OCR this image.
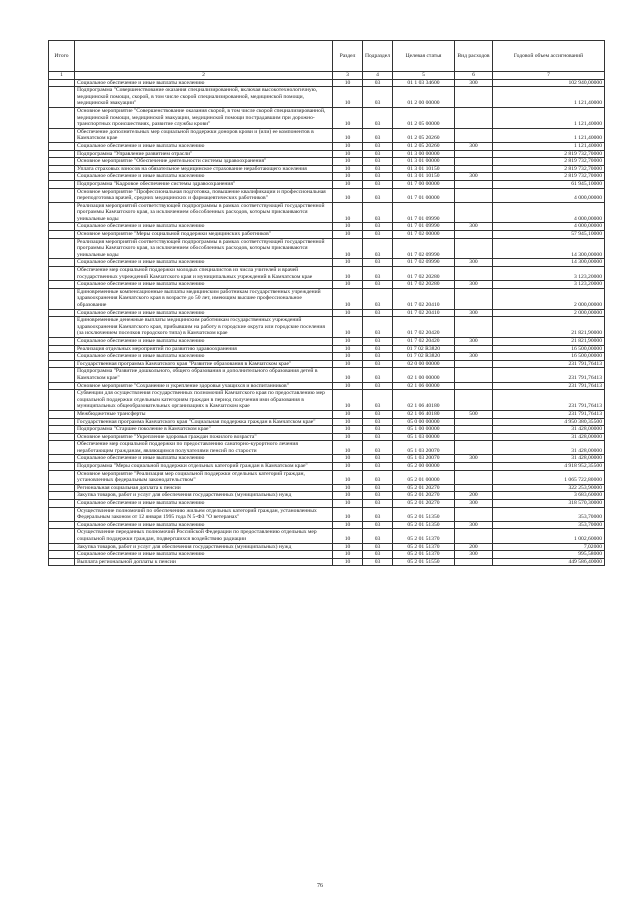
Итого		Раздел	Подраздел	Целевая статья	Вид расходов	Годовой объем ассигнований
1	2	3	4	5	6	7
	Социальное обеспечение и иные выплаты населению	10	03	01 1 03 34600	300	102 940,00000
	Подпрограмма "Совершенствование оказания специализированной, включая высокотехнологичную, медицинской помощи, скорой, в том числе скорой специализированной, медицинской помощи, медицинской эвакуации"	10	03	01 2 00 00000		1 121,40000
	Основное мероприятие "Совершенствование оказания скорой, в том числе скорой специализированной, медицинской помощи, медицинской эвакуации, медицинской помощи пострадавшим при дорожно-транспортных происшествиях, развитие службы крови"	10	03	01 2 05 00000		1 121,40000
	Обеспечение дополнительных мер социальной поддержки доноров крови и (или) ее компонентов в Камчатском крае	10	03	01 2 05 20260		1 121,40000
	Социальное обеспечение и иные выплаты населению	10	03	01 2 05 20260	300	1 121,40000
	Подпрограмма "Управление развитием отрасли"	10	03	01 3 00 00000		2 819 732,70000
	Основное мероприятие "Обеспечение деятельности системы здравоохранения"	10	03	01 3 01 00000		2 819 732,70000
	Уплата страховых взносов на обязательное медицинское страхование неработающего населения	10	03	01 3 01 10150		2 819 732,70000
	Социальное обеспечение и иные выплаты населению	10	03	01 3 01 10150	300	2 819 732,70000
	Подпрограмма "Кадровое обеспечение системы здравоохранения"	10	03	01 7 00 00000		61 945,10000
	Основное мероприятие "Профессиональная подготовка, повышение квалификации и профессиональная переподготовка врачей, средних медицинских и фармацевтических работников"	10	03	01 7 01 00000		4 000,00000
	Реализация мероприятий соответствующей подпрограммы в рамках соответствующей государственной программы Камчатского края, за исключением обособленных расходов, которым присваиваются уникальные коды	10	03	01 7 01 09990		4 000,00000
	Социальное обеспечение и иные выплаты населению	10	03	01 7 01 09990	300	4 000,00000
	Основное мероприятие "Меры социальной поддержки медицинских работников"	10	03	01 7 02 00000		57 945,10000
	Реализация мероприятий соответствующей подпрограммы в рамках соответствующей государственной программы Камчатского края, за исключением обособленных расходов, которым присваиваются уникальные коды	10	03	01 7 02 09990		14 300,00000
	Социальное обеспечение и иные выплаты населению	10	03	01 7 02 09990	300	14 300,00000
	Обеспечение мер социальной поддержки молодых специалистов из числа учителей и врачей государственных учреждений Камчатского края и муниципальных учреждений в Камчатском крае	10	03	01 7 02 20280		3 123,20000
	Социальное обеспечение и иные выплаты населению	10	03	01 7 02 20280	300	3 123,20000
	Единовременные компенсационные выплаты медицинским работникам государственных учреждений здравоохранения Камчатского края в возрасте до 50 лет, имеющим высшее профессиональное образование	10	03	01 7 02 20410		2 000,00000
	Социальное обеспечение и иные выплаты населению	10	03	01 7 02 20410	300	2 000,00000
	Единовременные денежные выплаты медицинским работникам государственных учреждений здравоохранения Камчатского края, прибывшим на работу в городские округа или городские поселения (за исключением поселков городского типа) в Камчатском крае	10	03	01 7 02 20420		21 821,90000
	Социальное обеспечение и иные выплаты населению	10	03	01 7 02 20420	300	21 821,90000
	Реализация отдельных мероприятий по развитию здравоохранения	10	03	01 7 02 R3820		16 500,00000
	Социальное обеспечение и иные выплаты населению	10	03	01 7 02 R3820	300	16 500,00000
	Государственная программа Камчатского края "Развитие образования в Камчатском крае"	10	03	02 0 00 00000		231 791,76413
	Подпрограмма "Развитие дошкольного, общего образования и дополнительного образования детей в Камчатском крае"	10	03	02 1 00 00000		231 791,76413
	Основное мероприятие "Сохранение и укрепление здоровья учащихся и воспитанников"	10	03	02 1 06 00000		231 791,76413
	Субвенции для осуществления государственных полномочий Камчатского края по предоставлению мер социальной поддержки отдельным категориям граждан в период получения ими образования в муниципальных общеобразовательных организациях в Камчатском крае	10	03	02 1 06 40180		231 791,76413
	Межбюджетные трансферты	10	03	02 1 06 40180	500	231 791,76413
	Государственная программа Камчатского края "Социальная поддержка граждан в Камчатском крае"	10	03	05 0 00 00000		4 950 380,35500
	Подпрограмма "Старшее поколение в Камчатском крае"	10	03	05 1 00 00000		31 428,00000
	Основное мероприятие "Укрепление здоровья граждан пожилого возраста"	10	03	05 1 03 00000		31 428,00000
	Обеспечение мер социальной поддержки по предоставлению санаторно-курортного лечения неработающим гражданам, являющимся получателями пенсий по старости	10	03	05 1 03 20070		31 428,00000
	Социальное обеспечение и иные выплаты населению	10	03	05 1 03 20070	300	31 428,00000
	Подпрограмма "Меры социальной поддержки отдельных категорий граждан в Камчатском крае"	10	03	05 2 00 00000		4 918 952,35500
	Основное мероприятие "Реализация мер социальной поддержки отдельных категорий граждан, установленных федеральным законодательством"	10	03	05 2 01 00000		1 065 722,80000
	Региональная социальная доплата к пенсии	10	03	05 2 01 20270		322 253,90000
	Закупка товаров, работ и услуг для обеспечения государственных (муниципальных) нужд	10	03	05 2 01 20270	200	3 683,60000
	Социальное обеспечение и иные выплаты населению	10	03	05 2 01 20270	300	318 570,30000
	Осуществление полномочий по обеспечению жильем отдельных категорий граждан, установленных Федеральным законом от 12 января 1995 года N 5-ФЗ "О ветеранах"	10	03	05 2 01 51350		353,70000
	Социальное обеспечение и иные выплаты населению	10	03	05 2 01 51350	300	353,70000
	Осуществление переданных полномочий Российской Федерации по предоставлению отдельных мер социальной поддержки граждан, подвергшихся воздействию радиации	10	03	05 2 01 51370		1 002,60000
	Закупка товаров, работ и услуг для обеспечения государственных (муниципальных) нужд	10	03	05 2 01 51370	200	7,02000
	Социальное обеспечение и иные выплаты населению	10	03	05 2 01 51370	300	995,58000
	Выплата региональной доплаты к пенсии	10	03	05 2 01 51550		449 586,40000
76
